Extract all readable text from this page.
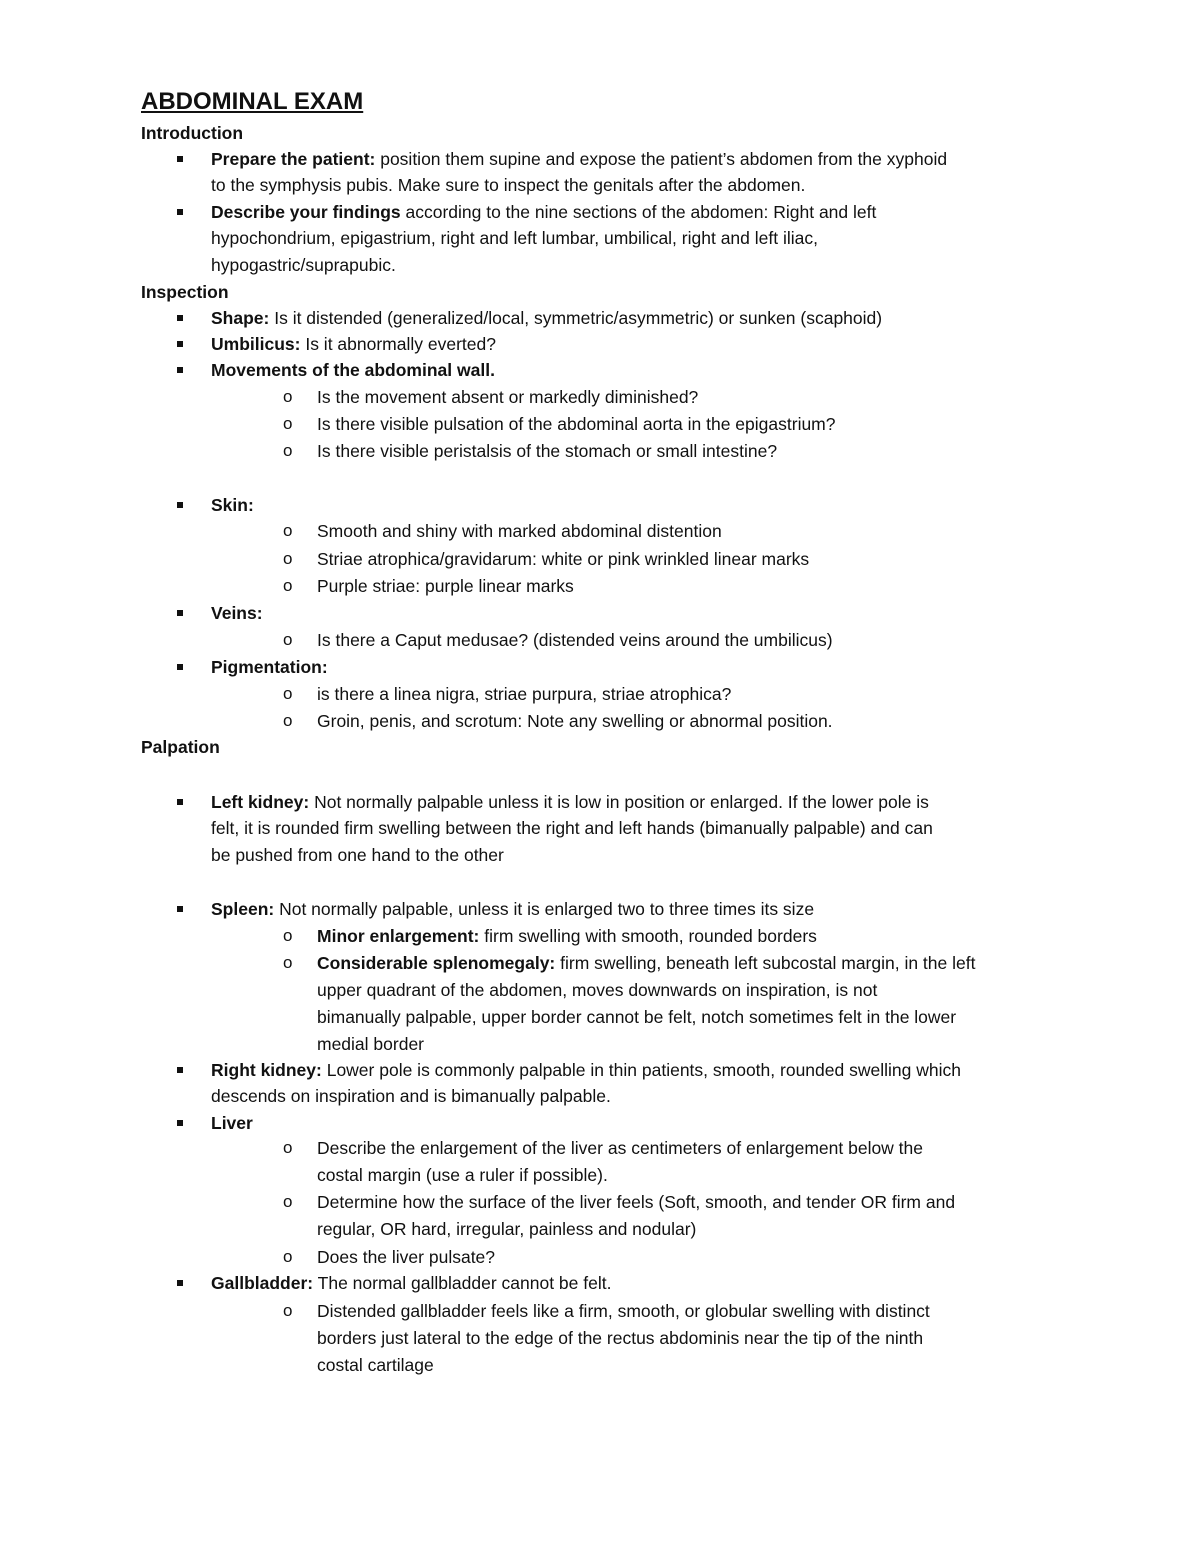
ABDOMINAL EXAM
Introduction
Prepare the patient: position them supine and expose the patient’s abdomen from the xyphoid
to the symphysis pubis. Make sure to inspect the genitals after the abdomen.
Describe your findings according to the nine sections of the abdomen: Right and left
hypochondrium, epigastrium, right and left lumbar, umbilical, right and left iliac,
hypogastric/suprapubic.
Inspection
Shape: Is it distended (generalized/local, symmetric/asymmetric) or sunken (scaphoid)
Umbilicus: Is it abnormally everted?
Movements of the abdominal wall.
o Is the movement absent or markedly diminished?
o Is there visible pulsation of the abdominal aorta in the epigastrium?
o Is there visible peristalsis of the stomach or small intestine?
Skin:
o Smooth and shiny with marked abdominal distention
o Striae atrophica/gravidarum: white or pink wrinkled linear marks
o Purple striae: purple linear marks
Veins:
o Is there a Caput medusae? (distended veins around the umbilicus)
Pigmentation:
o is there a linea nigra, striae purpura, striae atrophica?
o Groin, penis, and scrotum: Note any swelling or abnormal position.
Palpation
Left kidney: Not normally palpable unless it is low in position or enlarged. If the lower pole is
felt, it is rounded firm swelling between the right and left hands (bimanually palpable) and can
be pushed from one hand to the other
Spleen: Not normally palpable, unless it is enlarged two to three times its size
o Minor enlargement: firm swelling with smooth, rounded borders
o Considerable splenomegaly: firm swelling, beneath left subcostal margin, in the left
upper quadrant of the abdomen, moves downwards on inspiration, is not
bimanually palpable, upper border cannot be felt, notch sometimes felt in the lower
medial border
Right kidney: Lower pole is commonly palpable in thin patients, smooth, rounded swelling which
descends on inspiration and is bimanually palpable.
Liver
o Describe the enlargement of the liver as centimeters of enlargement below the
costal margin (use a ruler if possible).
o Determine how the surface of the liver feels (Soft, smooth, and tender OR firm and
regular, OR hard, irregular, painless and nodular)
o Does the liver pulsate?
Gallbladder: The normal gallbladder cannot be felt.
o Distended gallbladder feels like a firm, smooth, or globular swelling with distinct
borders just lateral to the edge of the rectus abdominis near the tip of the ninth
costal cartilage
